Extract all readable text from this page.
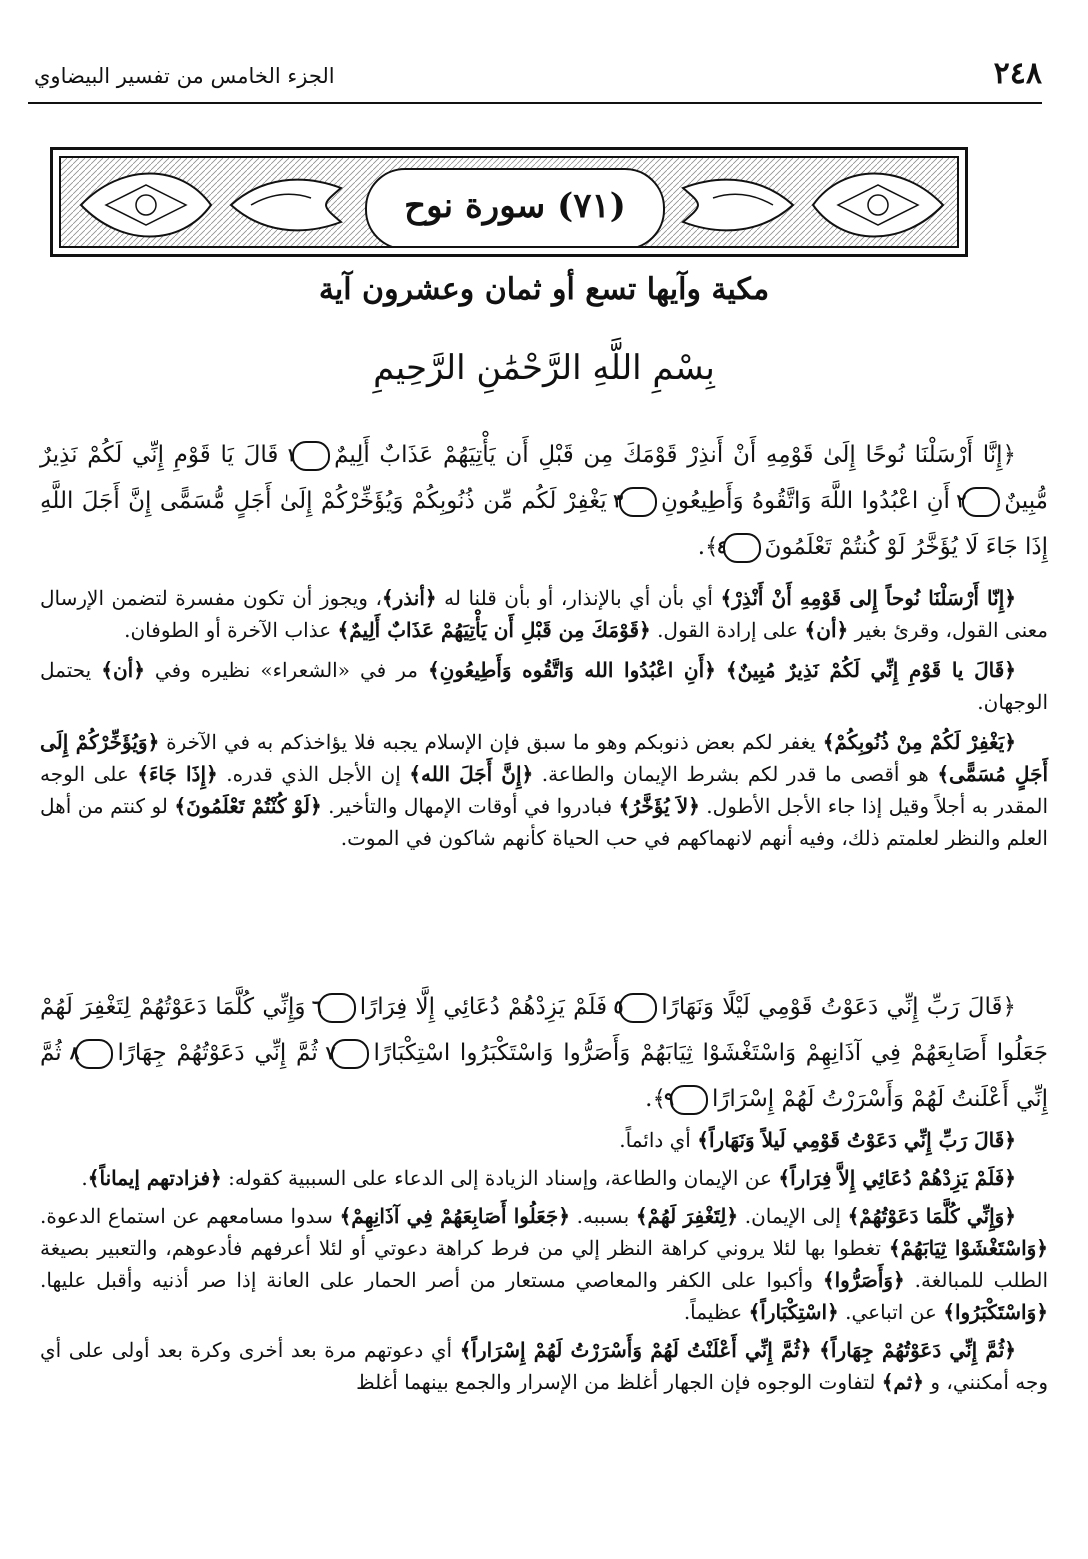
٢٤٨
الجزء الخامس من تفسير البيضاوي
(٧١) سورة نوح
مكية وآيها تسع أو ثمان وعشرون آية
بِسْمِ اللَّهِ الرَّحْمَٰنِ الرَّحِيمِ

﴿إِنَّا أَرْسَلْنَا نُوحًا إِلَىٰ قَوْمِهِ أَنْ أَنذِرْ قَوْمَكَ مِن قَبْلِ أَن يَأْتِيَهُمْ عَذَابٌ أَلِيمٌ١ قَالَ يَا قَوْمِ إِنِّي لَكُمْ نَذِيرٌ مُّبِينٌ٢ أَنِ اعْبُدُوا اللَّهَ وَاتَّقُوهُ وَأَطِيعُونِ٣ يَغْفِرْ لَكُم مِّن ذُنُوبِكُمْ وَيُؤَخِّرْكُمْ إِلَىٰ أَجَلٍ مُّسَمًّى إِنَّ أَجَلَ اللَّهِ إِذَا جَاءَ لَا يُؤَخَّرُ لَوْ كُنتُمْ تَعْلَمُونَ٤﴾.

﴿إِنّا أَرْسَلْنَا نُوحاً إِلى قَوْمِهِ أَنْ أَنْذِرْ﴾ أي بأن أي بالإنذار، أو بأن قلنا له ﴿أنذر﴾، ويجوز أن تكون مفسرة لتضمن الإرسال معنى القول، وقرئ بغير ﴿أن﴾ على إرادة القول. ﴿قَوْمَكَ مِن قَبْلِ أَن يَأْتِيَهُمْ عَذَابٌ أَلِيمٌ﴾ عذاب الآخرة أو الطوفان.

﴿قَالَ يا قَوْمِ إِنِّي لَكُمْ نَذِيرٌ مُبِينٌ﴾ ﴿أَنِ اعْبُدُوا الله وَاتَّقُوه وَأَطِيعُونِ﴾ مر في «الشعراء» نظيره وفي ﴿أن﴾ يحتمل الوجهان.

﴿يَغْفِرْ لَكُمْ مِنْ ذُنُوبِكُمْ﴾ يغفر لكم بعض ذنوبكم وهو ما سبق فإن الإسلام يجبه فلا يؤاخذكم به في الآخرة ﴿وَيُؤَخِّرْكُمْ إِلَى أَجَلٍ مُسَمًّى﴾ هو أقصى ما قدر لكم بشرط الإيمان والطاعة. ﴿إِنَّ أَجَلَ الله﴾ إن الأجل الذي قدره. ﴿إِذَا جَاءَ﴾ على الوجه المقدر به أجلاً وقيل إذا جاء الأجل الأطول. ﴿لاَ يُؤَخَّرُ﴾ فبادروا في أوقات الإمهال والتأخير. ﴿لَوْ كُنْتُمْ تَعْلَمُونَ﴾ لو كنتم من أهل العلم والنظر لعلمتم ذلك، وفيه أنهم لانهماكهم في حب الحياة كأنهم شاكون في الموت.

﴿قَالَ رَبِّ إِنِّي دَعَوْتُ قَوْمِي لَيْلًا وَنَهَارًا٥ فَلَمْ يَزِدْهُمْ دُعَائِي إِلَّا فِرَارًا٦ وَإِنِّي كُلَّمَا دَعَوْتُهُمْ لِتَغْفِرَ لَهُمْ جَعَلُوا أَصَابِعَهُمْ فِي آذَانِهِمْ وَاسْتَغْشَوْا ثِيَابَهُمْ وَأَصَرُّوا وَاسْتَكْبَرُوا اسْتِكْبَارًا٧ ثُمَّ إِنِّي دَعَوْتُهُمْ جِهَارًا٨ ثُمَّ إِنِّي أَعْلَنتُ لَهُمْ وَأَسْرَرْتُ لَهُمْ إِسْرَارًا٩﴾.

﴿قَالَ رَبِّ إِنِّي دَعَوْتُ قَوْمِي لَيلاً وَنَهَاراً﴾ أي دائماً.

﴿فَلَمْ يَزِدْهُمْ دُعَائِي إِلاَّ فِرَاراً﴾ عن الإيمان والطاعة، وإسناد الزيادة إلى الدعاء على السببية كقوله: ﴿فزادتهم إيماناً﴾.

﴿وَإِنِّي كُلَّمَا دَعَوْتُهُمْ﴾ إلى الإيمان. ﴿لِتَغْفِرَ لَهُمْ﴾ بسببه. ﴿جَعَلُوا أَصَابِعَهُمْ فِي آذَانِهِمْ﴾ سدوا مسامعهم عن استماع الدعوة. ﴿وَاسْتَغْشَوْا ثِيَابَهُمْ﴾ تغطوا بها لئلا يروني كراهة النظر إلي من فرط كراهة دعوتي أو لئلا أعرفهم فأدعوهم، والتعبير بصيغة الطلب للمبالغة. ﴿وَأَصَرُّوا﴾ وأكبوا على الكفر والمعاصي مستعار من أصر الحمار على العانة إذا صر أذنيه وأقبل عليها. ﴿وَاسْتَكْبَرُوا﴾ عن اتباعي. ﴿اسْتِكْبَاراً﴾ عظيماً.

﴿ثُمَّ إِنِّي دَعَوْتُهُمْ جِهَاراً﴾ ﴿ثُمَّ إِنِّي أَعْلَنْتُ لَهُمْ وَأَسْرَرْتُ لَهُمْ إِسْرَاراً﴾ أي دعوتهم مرة بعد أخرى وكرة بعد أولى على أي وجه أمكنني، و ﴿ثم﴾ لتفاوت الوجوه فإن الجهار أغلظ من الإسرار والجمع بينهما أغلظ
